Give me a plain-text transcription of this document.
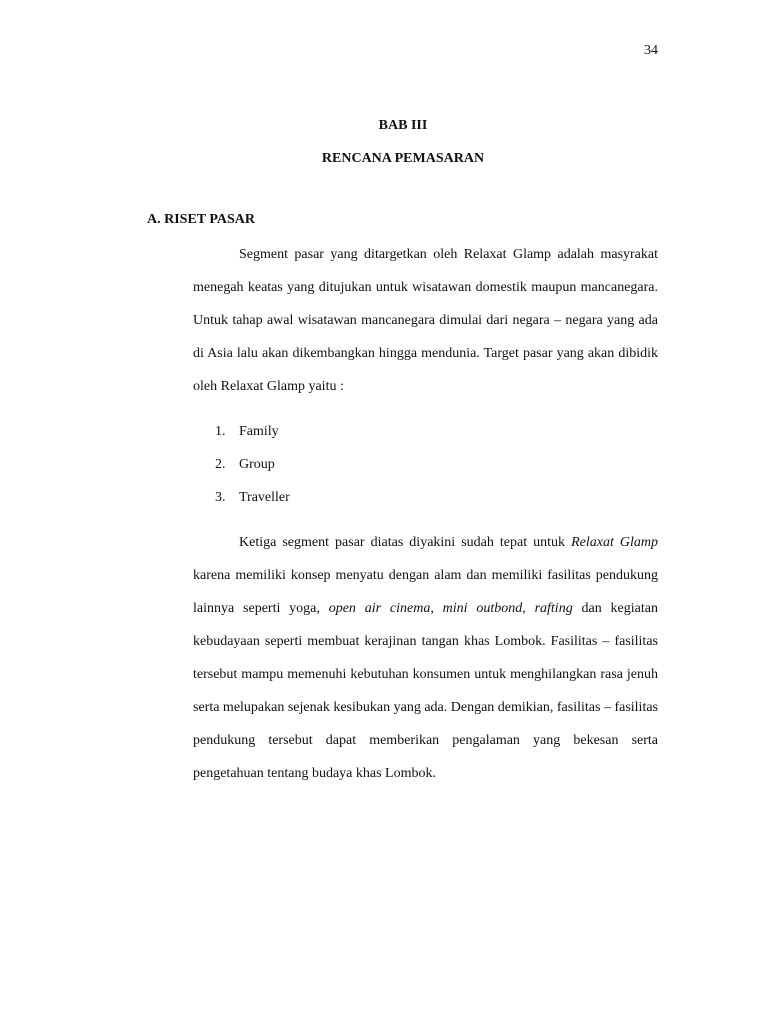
34
BAB III
RENCANA PEMASARAN
A. RISET PASAR

Segment pasar yang ditargetkan oleh Relaxat Glamp adalah masyrakat menegah keatas yang ditujukan untuk wisatawan domestik maupun mancanegara. Untuk tahap awal wisatawan mancanegara dimulai dari negara – negara yang ada di Asia lalu akan dikembangkan hingga mendunia. Target pasar yang akan dibidik oleh Relaxat Glamp yaitu :

1. Family
2. Group
3. Traveller

Ketiga segment pasar diatas diyakini sudah tepat untuk Relaxat Glamp karena memiliki konsep menyatu dengan alam dan memiliki fasilitas pendukung lainnya seperti yoga, open air cinema, mini outbond, rafting dan kegiatan kebudayaan seperti membuat kerajinan tangan khas Lombok. Fasilitas – fasilitas tersebut mampu memenuhi kebutuhan konsumen untuk menghilangkan rasa jenuh serta melupakan sejenak kesibukan yang ada. Dengan demikian, fasilitas – fasilitas pendukung tersebut dapat memberikan pengalaman yang bekesan serta pengetahuan tentang budaya khas Lombok.
